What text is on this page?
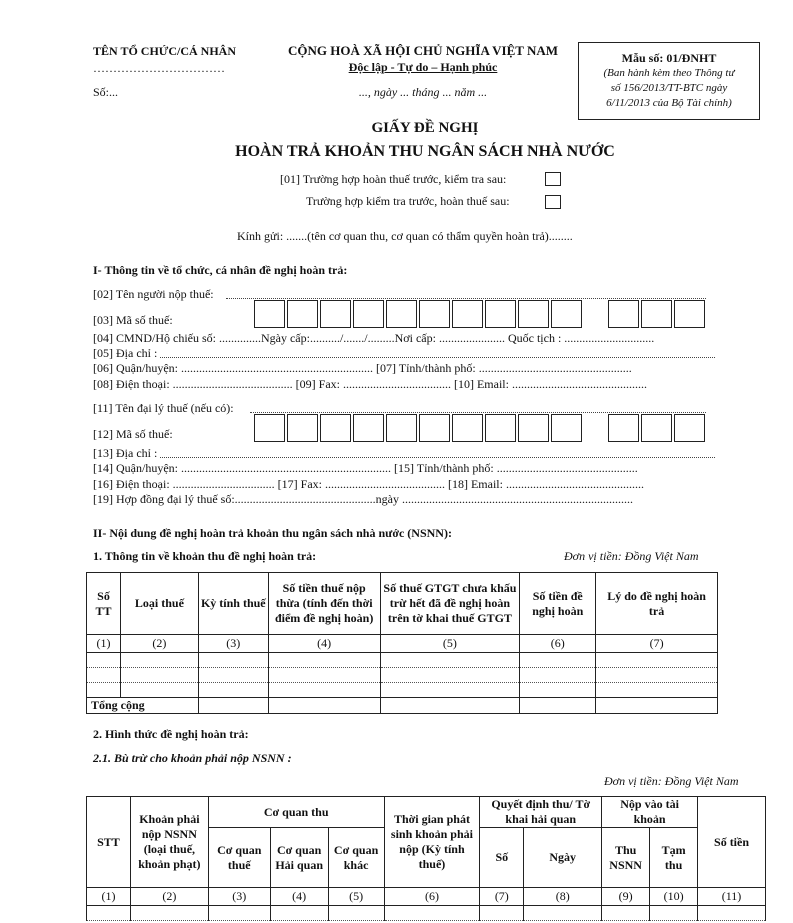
TÊN TỔ CHỨC/CÁ NHÂN
……………………………
Số:...
CỘNG HOÀ XÃ HỘI CHỦ NGHĨA VIỆT NAM
Độc lập - Tự do – Hạnh phúc
..., ngày ... tháng ... năm ...
Mẫu số: 01/ĐNHT
(Ban hành kèm theo Thông tư
số 156/2013/TT-BTC ngày
6/11/2013 của Bộ Tài chính)
GIẤY ĐỀ NGHỊ
HOÀN TRẢ KHOẢN THU NGÂN SÁCH NHÀ NƯỚC
[01] Trường hợp hoàn thuế trước, kiểm tra sau:
Trường hợp kiểm tra trước, hoàn thuế sau:
Kính gửi: .......(tên cơ quan thu, cơ quan có thẩm quyền hoàn trả)........
I- Thông tin về tổ chức, cá nhân đề nghị hoàn trả:
[02] Tên người nộp thuế:
[03] Mã số thuế:
[04] CMND/Hộ chiếu số: ..............Ngày cấp:........../......./.........Nơi cấp: ...................... Quốc tịch : ..............................
[05] Địa chỉ :
[06] Quận/huyện: ................................................................ [07] Tỉnh/thành phố: ...................................................
[08] Điện thoại: ........................................ [09] Fax: .................................... [10] Email: .............................................
[11] Tên đại lý thuế (nếu có):
[12] Mã số thuế:
[13] Địa chỉ :
[14] Quận/huyện: ...................................................................... [15] Tỉnh/thành phố: ...............................................
[16] Điện thoại: .................................. [17] Fax: ........................................ [18] Email: ..............................................
[19] Hợp đồng đại lý thuế số:...............................................ngày .............................................................................
II- Nội dung đề nghị hoàn trả khoản thu ngân sách nhà nước (NSNN):
1. Thông tin về khoản thu đề nghị hoàn trả:	Đơn vị tiền: Đồng Việt Nam
Số TT	Loại thuế	Kỳ tính thuế	Số tiền thuế nộp thừa (tính đến thời điểm đề nghị hoàn)	Số thuế GTGT chưa khấu trừ hết đã đề nghị hoàn trên tờ khai thuế GTGT	Số tiền đề nghị hoàn	Lý do đề nghị hoàn trả
(1)	(2)	(3)	(4)	(5)	(6)	(7)

Tổng cộng						
2. Hình thức đề nghị hoàn trả:
2.1. Bù trừ cho khoản phải nộp NSNN :
Đơn vị tiền: Đồng Việt Nam
STT	Khoản phải nộp NSNN (loại thuế, khoản phạt)	Cơ quan thu			Thời gian phát sinh khoản phải nộp (Kỳ tính thuế)	Quyết định thu/ Tờ khai hải quan		Nộp vào tài khoản		Số tiền
		Cơ quan thuế	Cơ quan Hải quan	Cơ quan khác		Số	Ngày	Thu NSNN	Tạm thu	
(1)	(2)	(3)	(4)	(5)	(6)	(7)	(8)	(9)	(10)	(11)
